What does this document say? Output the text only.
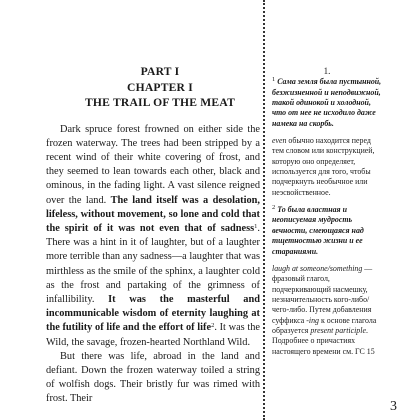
PART I

CHAPTER I

THE TRAIL OF THE MEAT

Dark spruce forest frowned on either side the frozen waterway. The trees had been stripped by a recent wind of their white covering of frost, and they seemed to lean towards each other, black and ominous, in the fading light. A vast silence reigned over the land. The land itself was a desolation, lifeless, without movement, so lone and cold that the spirit of it was not even that of sadness$^1$. There was a hint in it of laughter, but of a laughter more terrible than any sadness—a laughter that was mirthless as the smile of the sphinx, a laughter cold as the frost and partaking of the grimness of infallibility. It was the masterful and incommunicable wisdom of eternity laughing at the futility of life and the effort of life$^2$. It was the Wild, the savage, frozen-hearted Northland Wild.

But there was life, abroad in the land and defiant. Down the frozen waterway toiled a string of wolfish dogs. Their bristly fur was rimed with frost. Their

1.

$^1$ Сама земля была пустынной, безжизненной и неподвижной, такой одинокой и холодной, что от нее не исходило даже намека на скорбь.

even обычно находится перед тем словом или конструкцией, которую оно определяет, используется для того, чтобы подчеркнуть необычное или неэсвойственное.

$^2$ То была властная и неописуемая мудрость вечности, смеющаяся над тщетностью жизни и ее стараниями.

laugh at someone/something — фразовый глагол, подчеркивающий насмешку, незначительность кого-либо/чего-либо. Путем добавления суффикса -ing к основе глагола образуется present participle. Подробнее о причастиях настоящего времени см. ГС 15

3
